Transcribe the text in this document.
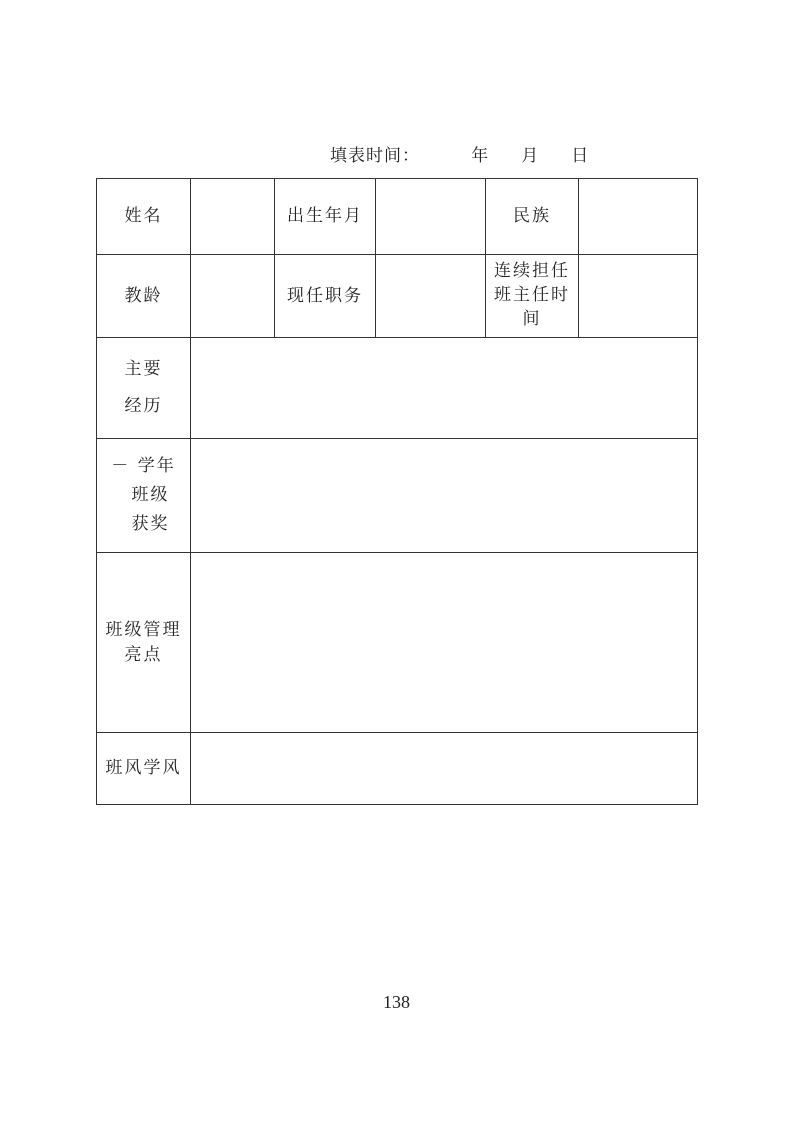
填表时间：        年     月     日
姓名		出生年月		民族	
教龄		现任职务		连续担任
班主任时
间	

主要
经历					

－ 学年
班级
获奖					

班级管理
亮点					

班风学风					
138
